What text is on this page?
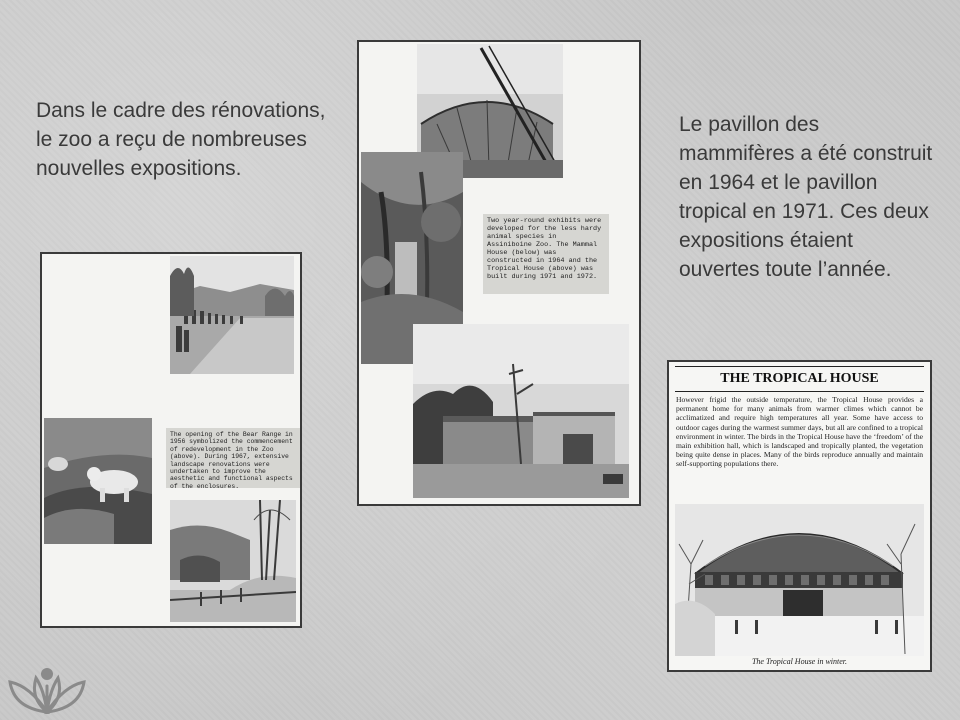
Dans le cadre des rénovations, le zoo a reçu de nombreuses nouvelles expositions.

Le pavillon des mammifères a été construit en 1964 et le pavillon tropical en 1971. Ces deux expositions étaient ouvertes toute l’année.

The opening of the Bear Range in 1956 symbolized the commencement of redevelopment in the Zoo (above). During 1967, extensive landscape renovations were undertaken to improve the aesthetic and functional aspects of the enclosures.
Two year-round exhibits were developed for the less hardy animal species in Assiniboine Zoo. The Mammal House (below) was constructed in 1964 and the Tropical House (above) was built during 1971 and 1972.
THE TROPICAL HOUSE

However frigid the outside temperature, the Tropical House provides a permanent home for many animals from warmer climes which cannot be acclimatized and require high temperatures all year. Some have access to outdoor cages during the warmest summer days, but all are confined to a tropical environment in winter. The birds in the Tropical House have the ‘freedom’ of the main exhibition hall, which is landscaped and tropically planted, the vegetation being quite dense in places. Many of the birds reproduce annually and maintain self-supporting populations there.

The Tropical House in winter.
